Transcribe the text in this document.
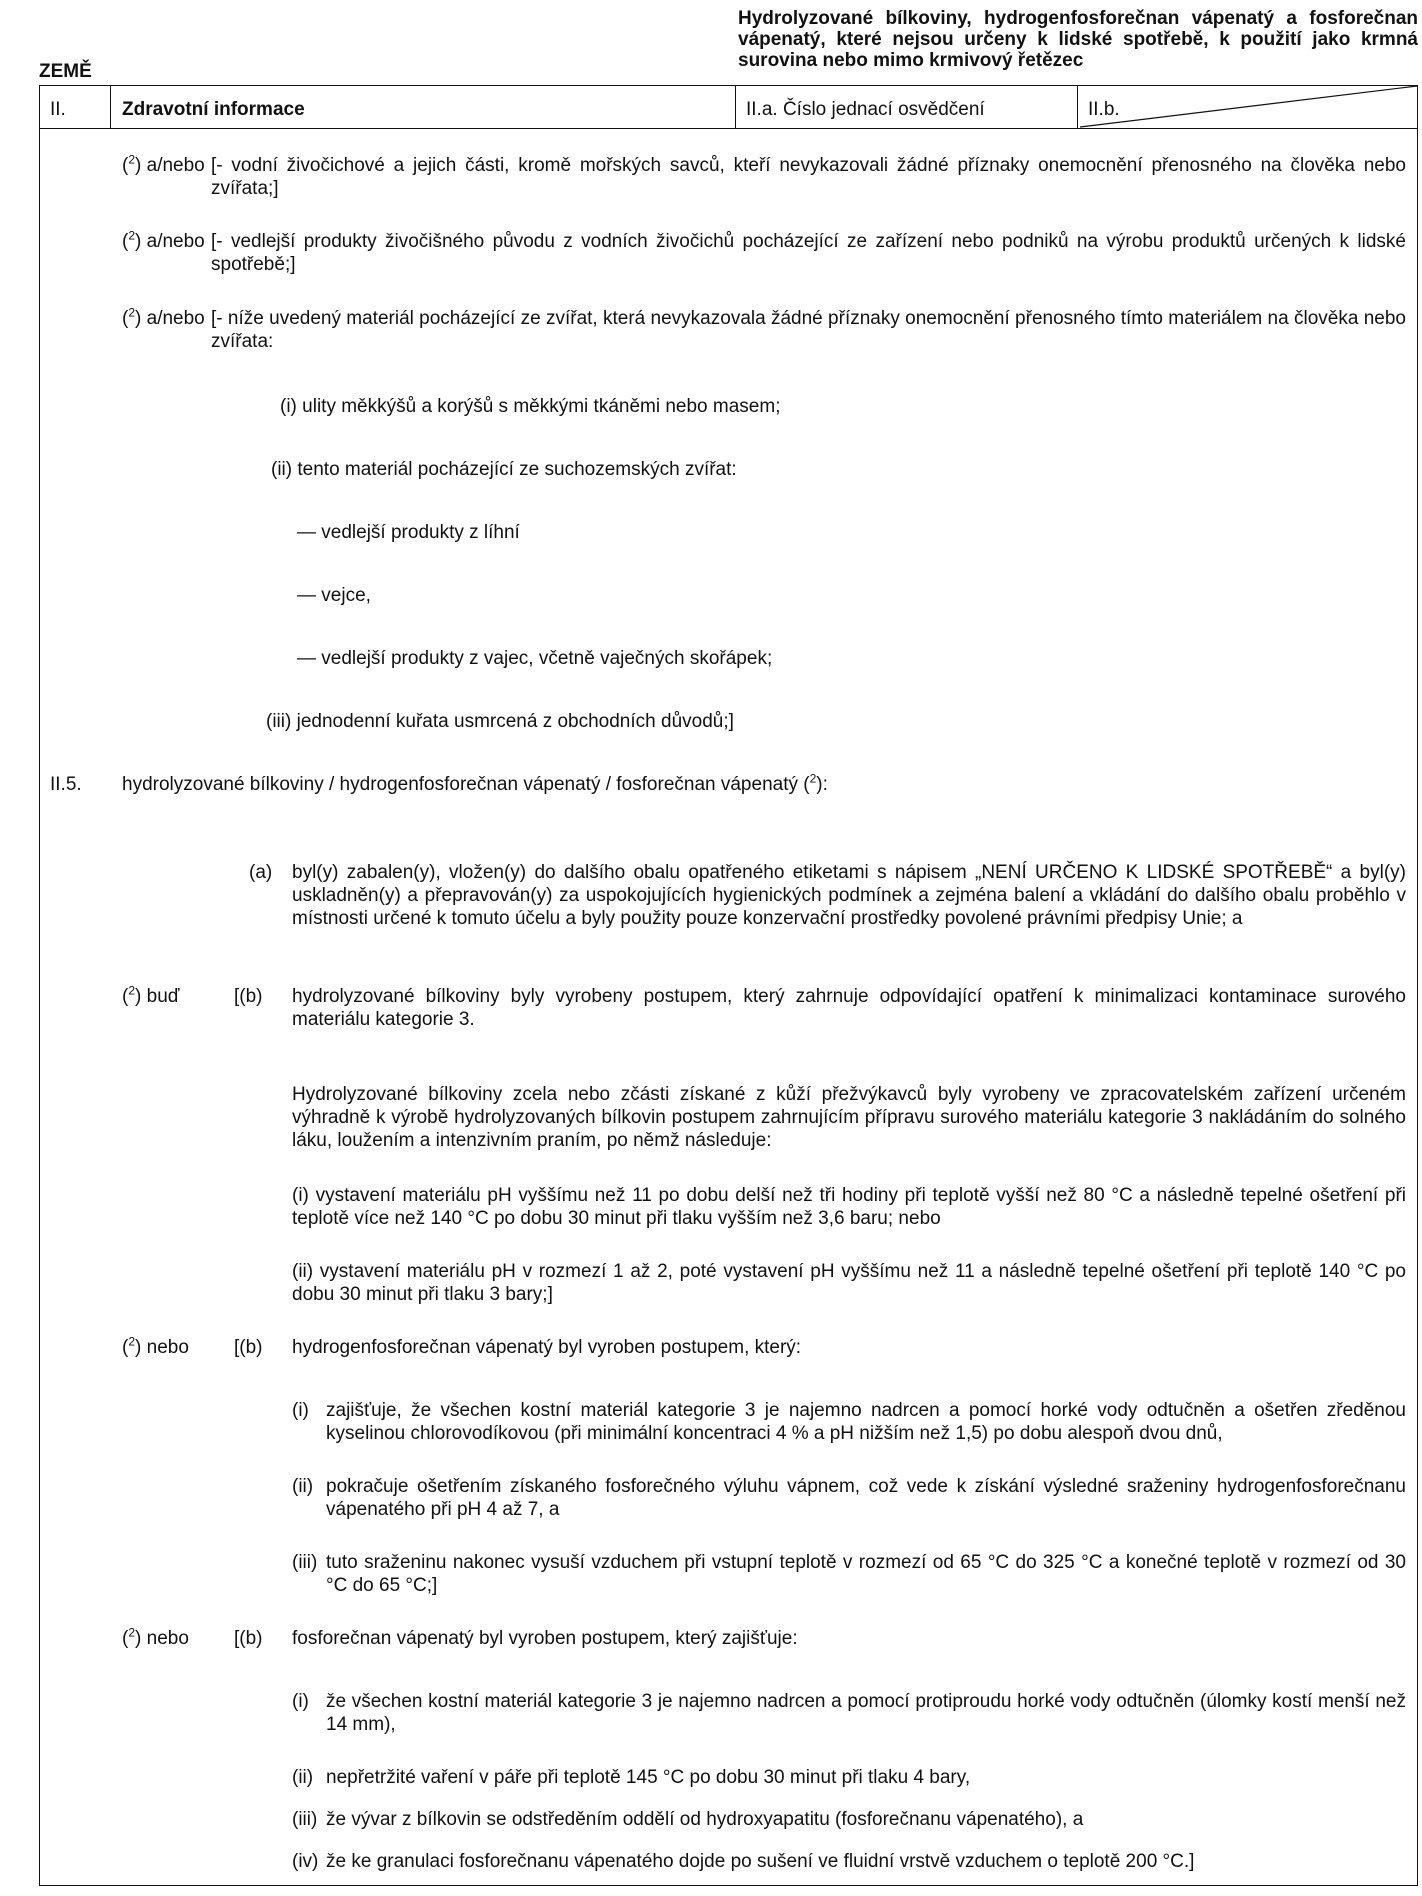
Hydrolyzované bílkoviny, hydrogenfosforečnan vápenatý a fosforečnan vápenatý, které nejsou určeny k lidské spotřebě, k použití jako krmná surovina nebo mimo krmivový řetězec
ZEMĚ
II.	Zdravotní informace	II.a. Číslo jednací osvědčení	II.b.
($^2$) a/nebo [- vodní živočichové a jejich části, kromě mořských savců, kteří nevykazovali žádné příznaky onemocnění přenosného na člověka nebo zvířata;]
($^2$) a/nebo [- vedlejší produkty živočišného původu z vodních živočichů pocházející ze zařízení nebo podniků na výrobu produktů určených k lidské spotřebě;]
($^2$) a/nebo [- níže uvedený materiál pocházející ze zvířat, která nevykazovala žádné příznaky onemocnění přenosného tímto materiálem na člověka nebo zvířata:
(i) ulity měkkýšů a korýšů s měkkými tkáněmi nebo masem;
(ii) tento materiál pocházející ze suchozemských zvířat:
— vedlejší produkty z líhní
— vejce,
— vedlejší produkty z vajec, včetně vaječných skořápek;
(iii) jednodenní kuřata usmrcená z obchodních důvodů;]
II.5. hydrolyzované bílkoviny / hydrogenfosforečnan vápenatý / fosforečnan vápenatý ($^2$):
(a) byl(y) zabalen(y), vložen(y) do dalšího obalu opatřeného etiketami s nápisem „NENÍ URČENO K LIDSKÉ SPOTŘEBĚ“ a byl(y) uskladněn(y) a přepravován(y) za uspokojujících hygienických podmínek a zejména balení a vkládání do dalšího obalu proběhlo v místnosti určené k tomuto účelu a byly použity pouze konzervační prostředky povolené právními předpisy Unie; a
($^2$) buď	[(b) hydrolyzované bílkoviny byly vyrobeny postupem, který zahrnuje odpovídající opatření k minimalizaci kontaminace surového materiálu kategorie 3.
Hydrolyzované bílkoviny zcela nebo zčásti získané z kůží přežvýkavců byly vyrobeny ve zpracovatelském zařízení určeném výhradně k výrobě hydrolyzovaných bílkovin postupem zahrnujícím přípravu surového materiálu kategorie 3 nakládáním do solného láku, loužením a intenzivním praním, po němž následuje:
(i) vystavení materiálu pH vyššímu než 11 po dobu delší než tři hodiny při teplotě vyšší než 80 °C a následně tepelné ošetření při teplotě více než 140 °C po dobu 30 minut při tlaku vyšším než 3,6 baru; nebo
(ii) vystavení materiálu pH v rozmezí 1 až 2, poté vystavení pH vyššímu než 11 a následně tepelné ošetření při teplotě 140 °C po dobu 30 minut při tlaku 3 bary;]
($^2$) nebo [(b) hydrogenfosforečnan vápenatý byl vyroben postupem, který:
(i) zajišťuje, že všechen kostní materiál kategorie 3 je najemno nadrcen a pomocí horké vody odtučněn a ošetřen zředěnou kyselinou chlorovodíkovou (při minimální koncentraci 4 % a pH nižším než 1,5) po dobu alespoň dvou dnů,
(ii) pokračuje ošetřením získaného fosforečného výluhu vápnem, což vede k získání výsledné sraženiny hydrogenfosforečnanu vápenatého při pH 4 až 7, a
(iii) tuto sraženinu nakonec vysuší vzduchem při vstupní teplotě v rozmezí od 65 °C do 325 °C a konečné teplotě v rozmezí od 30 °C do 65 °C;]
($^2$) nebo [(b) fosforečnan vápenatý byl vyroben postupem, který zajišťuje:
(i) že všechen kostní materiál kategorie 3 je najemno nadrcen a pomocí protiproudu horké vody odtučněn (úlomky kostí menší než 14 mm),
(ii) nepřetržité vaření v páře při teplotě 145 °C po dobu 30 minut při tlaku 4 bary,
(iii) že vývar z bílkovin se odstředěním oddělí od hydroxyapatitu (fosforečnanu vápenatého), a
(iv) že ke granulaci fosforečnanu vápenatého dojde po sušení ve fluidní vrstvě vzduchem o teplotě 200 °C.]
